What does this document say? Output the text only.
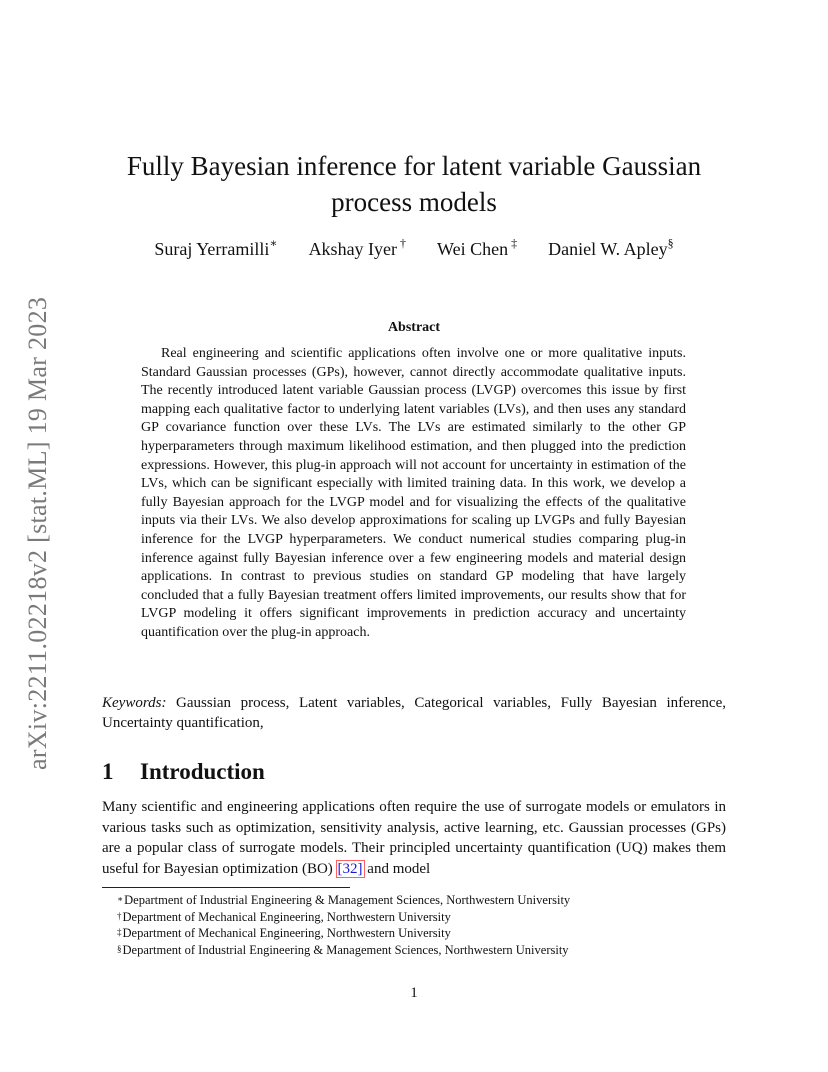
arXiv:2211.02218v2 [stat.ML] 19 Mar 2023
Fully Bayesian inference for latent variable Gaussian process models
Suraj Yerramilli∗ Akshay Iyer † Wei Chen ‡ Daniel W. Apley§
Abstract

Real engineering and scientific applications often involve one or more qualitative inputs. Standard Gaussian processes (GPs), however, cannot directly accommodate qualitative inputs. The recently introduced latent variable Gaussian process (LVGP) overcomes this issue by first mapping each qualitative factor to underlying latent variables (LVs), and then uses any standard GP covariance function over these LVs. The LVs are estimated similarly to the other GP hyperparameters through maximum likelihood estimation, and then plugged into the prediction expressions. However, this plug-in approach will not account for uncertainty in estimation of the LVs, which can be significant especially with limited training data. In this work, we develop a fully Bayesian approach for the LVGP model and for visualizing the effects of the qualitative inputs via their LVs. We also develop approximations for scaling up LVGPs and fully Bayesian inference for the LVGP hyperparameters. We conduct numerical studies comparing plug-in inference against fully Bayesian inference over a few engineering models and material design applications. In contrast to previous studies on standard GP modeling that have largely concluded that a fully Bayesian treatment offers limited improvements, our results show that for LVGP modeling it offers significant improvements in prediction accuracy and uncertainty quantification over the plug-in approach.

Keywords: Gaussian process, Latent variables, Categorical variables, Fully Bayesian inference, Uncertainty quantification,

1 Introduction

Many scientific and engineering applications often require the use of surrogate models or emulators in various tasks such as optimization, sensitivity analysis, active learning, etc. Gaussian processes (GPs) are a popular class of surrogate models. Their principled uncertainty quantification (UQ) makes them useful for Bayesian optimization (BO) [32] and model

∗Department of Industrial Engineering & Management Sciences, Northwestern University
†Department of Mechanical Engineering, Northwestern University
‡Department of Mechanical Engineering, Northwestern University
§Department of Industrial Engineering & Management Sciences, Northwestern University
1
